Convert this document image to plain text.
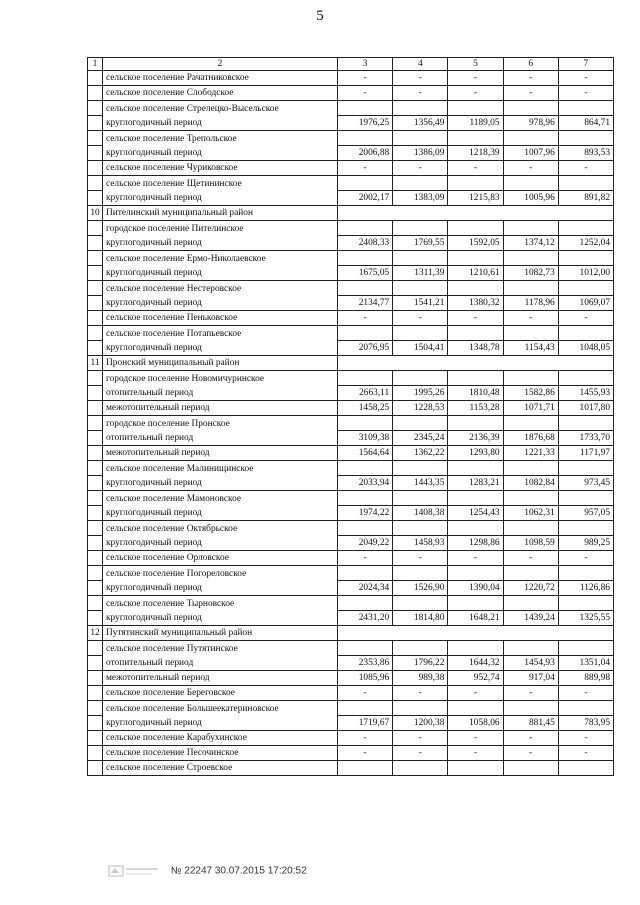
5
1	2	3	4	5	6	7
	сельское поселение Рачатниковское	-	-	-	-	-
	сельское поселение Слободское	-	-	-	-	-
	сельское поселение Стрелецко-Высельское					
	круглогодичный период	1976,25	1356,49	1189,05	978,96	864,71
	сельское поселение Трепольское					
	круглогодичный период	2006,88	1386,09	1218,39	1007,96	893,53
	сельское поселение Чуриковское	-	-	-	-	-
	сельское поселение Щетининское					
	круглогодичный период	2002,17	1383,09	1215,83	1005,96	891,82
10	Пителинский муниципальный район					
	городское поселение Пителинское					
	круглогодичный период	2408,33	1769,55	1592,05	1374,12	1252,04
	сельское поселение Ермо-Николаевское					
	круглогодичный период	1675,05	1311,39	1210,61	1082,73	1012,00
	сельское поселение Нестеровское					
	круглогодичный период	2134,77	1541,21	1380,32	1178,96	1069,07
	сельское поселение Пеньковское	-	-	-	-	-
	сельское поселение Потапьевское					
	круглогодичный период	2076,95	1504,41	1348,78	1154,43	1048,05
11	Пронский муниципальный район					
	городское поселение Новомичуринское					
	отопительный период	2663,11	1995,26	1810,48	1582,86	1455,93
	межотопительный период	1458,25	1228,53	1153,28	1071,71	1017,80
	городское поселение Пронское					
	отопительный период	3109,38	2345,24	2136,39	1876,68	1733,70
	межотопительный период	1564,64	1362,22	1293,80	1221,33	1171,97
	сельское поселение Малинищинское					
	круглогодичный период	2033,94	1443,35	1283,21	1082,84	973,45
	сельское поселение Мамоновское					
	круглогодичный период	1974,22	1408,38	1254,43	1062,31	957,05
	сельское поселение Октябрьское					
	круглогодичный период	2049,22	1458,93	1298,86	1098,59	989,25
	сельское поселение Орловское	-	-	-	-	-
	сельское поселение Погореловское					
	круглогодичный период	2024,34	1526,90	1390,04	1220,72	1126,86
	сельское поселение Тырновское					
	круглогодичный период	2431,20	1814,80	1648,21	1439,24	1325,55
12	Путятинский муниципальный район					
	сельское поселение Путятинское					
	отопительный период	2353,86	1796,22	1644,32	1454,93	1351,04
	межотопительный период	1085,96	989,38	952,74	917,04	889,98
	сельское поселение Береговское	-	-	-	-	-
	сельское поселение Большеекатериновское					
	круглогодичный период	1719,67	1200,38	1058,06	881,45	783,95
	сельское поселение Карабухинское	-	-	-	-	-
	сельское поселение Песочинское	-	-	-	-	-
	сельское поселение Строевское					
№ 22247 30.07.2015 17:20:52
